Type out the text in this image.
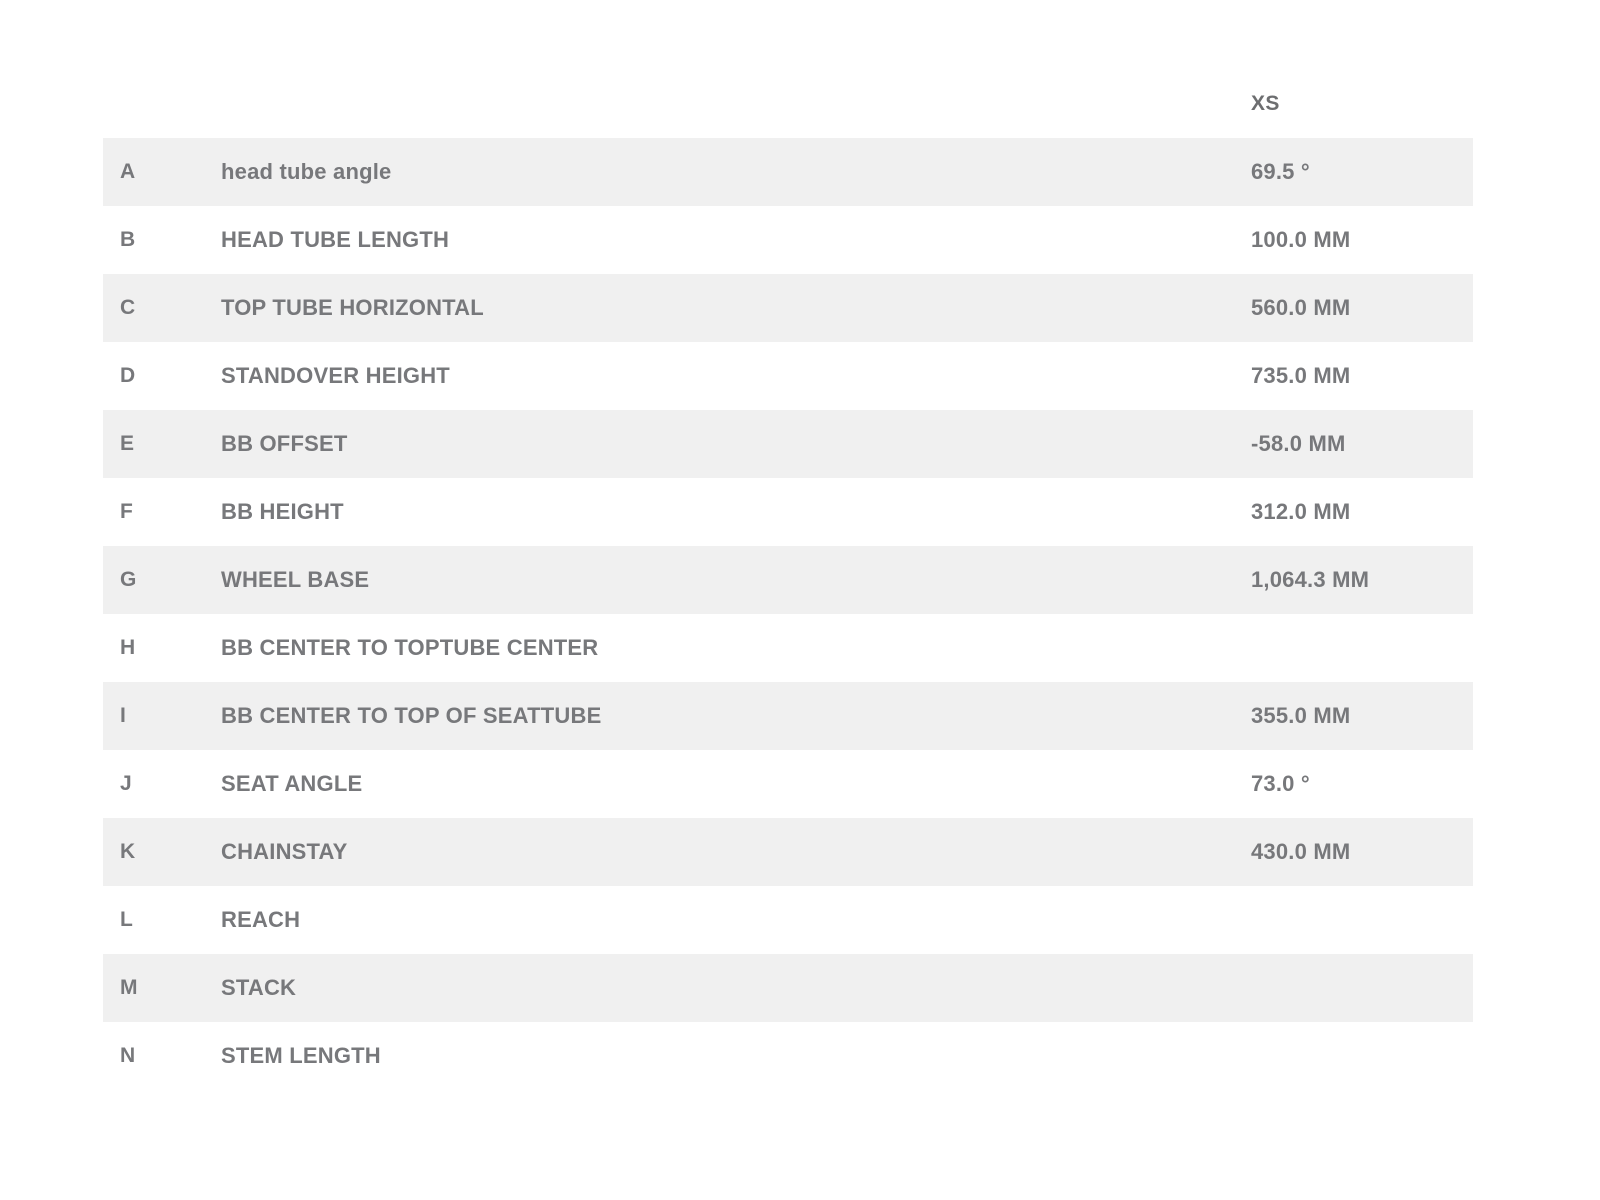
		XS
A	head tube angle	69.5 °
B	HEAD TUBE LENGTH	100.0 MM
C	TOP TUBE HORIZONTAL	560.0 MM
D	STANDOVER HEIGHT	735.0 MM
E	BB OFFSET	-58.0 MM
F	BB HEIGHT	312.0 MM
G	WHEEL BASE	1,064.3 MM
H	BB CENTER TO TOPTUBE CENTER	
I	BB CENTER TO TOP OF SEATTUBE	355.0 MM
J	SEAT ANGLE	73.0 °
K	CHAINSTAY	430.0 MM
L	REACH	
M	STACK	
N	STEM LENGTH	
